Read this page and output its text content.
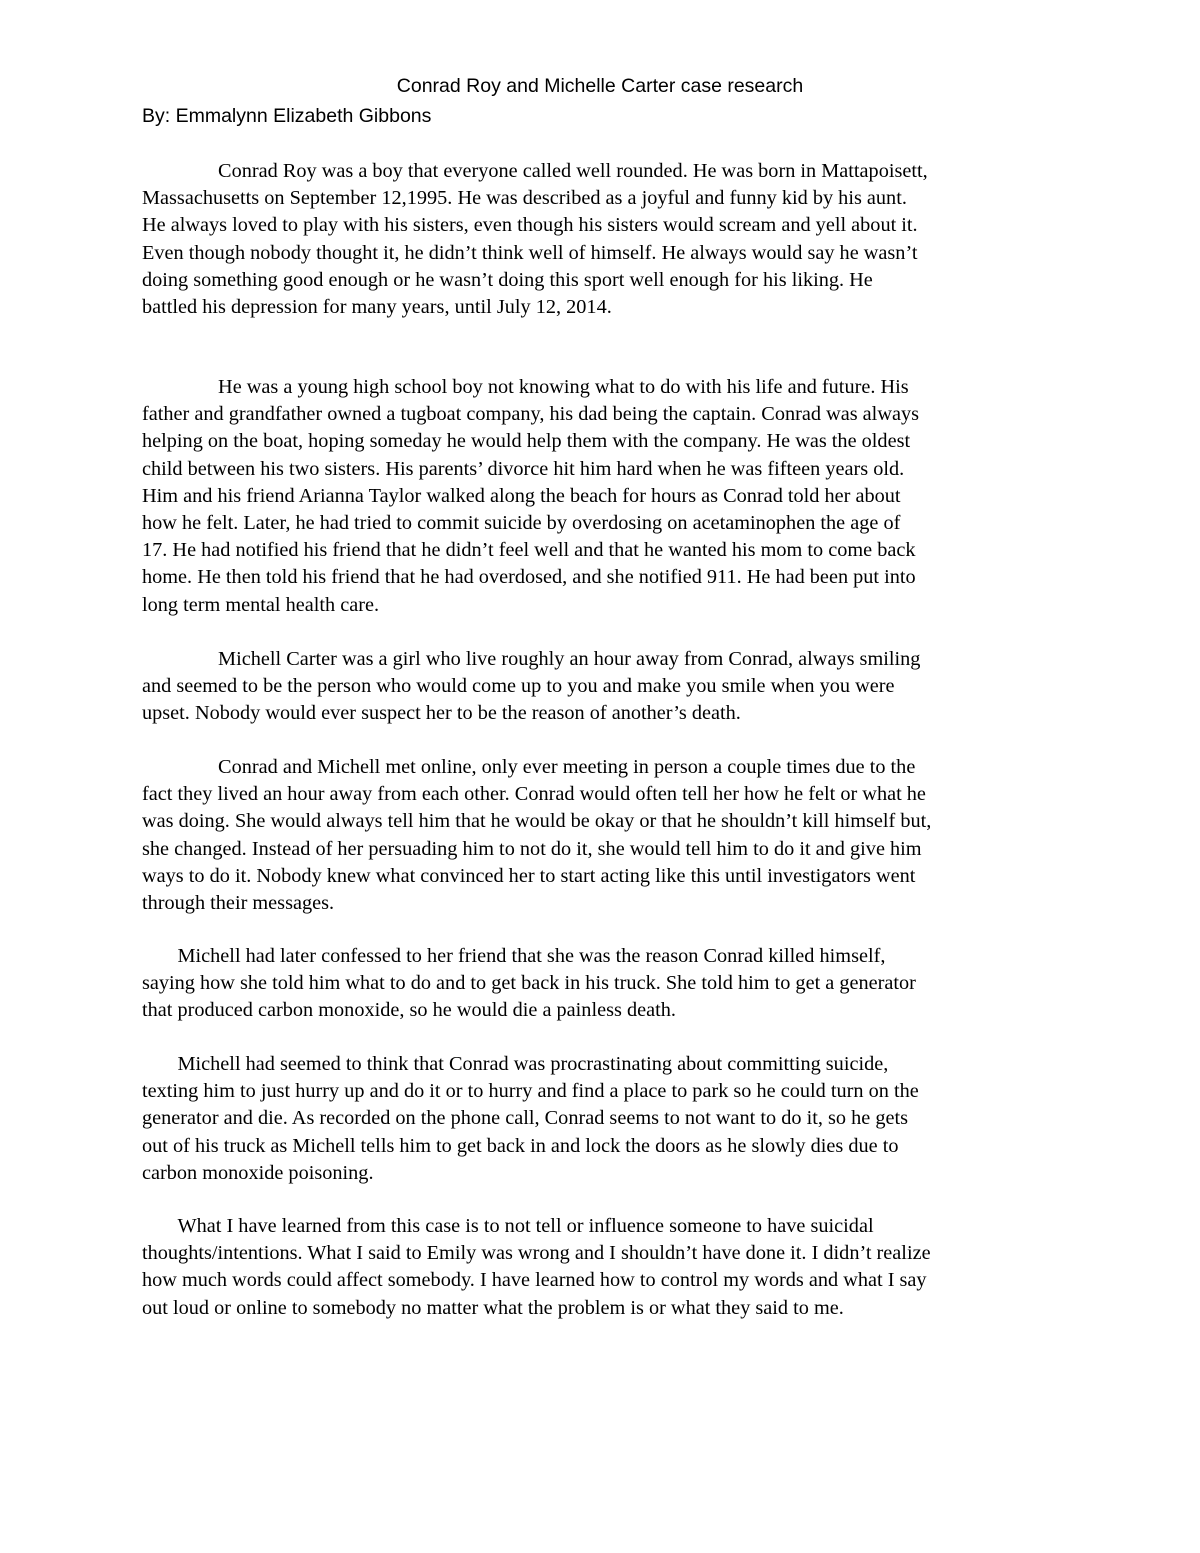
Conrad Roy and Michelle Carter case research
By: Emmalynn Elizabeth Gibbons
Conrad Roy was a boy that everyone called well rounded. He was born in Mattapoisett,
Massachusetts on September 12,1995. He was described as a joyful and funny kid by his aunt.
He always loved to play with his sisters, even though his sisters would scream and yell about it.
Even though nobody thought it, he didn’t think well of himself. He always would say he wasn’t
doing something good enough or he wasn’t doing this sport well enough for his liking. He
battled his depression for many years, until July 12, 2014.
He was a young high school boy not knowing what to do with his life and future. His
father and grandfather owned a tugboat company, his dad being the captain. Conrad was always
helping on the boat, hoping someday he would help them with the company. He was the oldest
child between his two sisters. His parents’ divorce hit him hard when he was fifteen years old.
Him and his friend Arianna Taylor walked along the beach for hours as Conrad told her about
how he felt. Later, he had tried to commit suicide by overdosing on acetaminophen the age of
17. He had notified his friend that he didn’t feel well and that he wanted his mom to come back
home. He then told his friend that he had overdosed, and she notified 911. He had been put into
long term mental health care.
Michell Carter was a girl who live roughly an hour away from Conrad, always smiling
and seemed to be the person who would come up to you and make you smile when you were
upset. Nobody would ever suspect her to be the reason of another’s death.
Conrad and Michell met online, only ever meeting in person a couple times due to the
fact they lived an hour away from each other. Conrad would often tell her how he felt or what he
was doing. She would always tell him that he would be okay or that he shouldn’t kill himself but,
she changed. Instead of her persuading him to not do it, she would tell him to do it and give him
ways to do it. Nobody knew what convinced her to start acting like this until investigators went
through their messages.
Michell had later confessed to her friend that she was the reason Conrad killed himself,
saying how she told him what to do and to get back in his truck. She told him to get a generator
that produced carbon monoxide, so he would die a painless death.
Michell had seemed to think that Conrad was procrastinating about committing suicide,
texting him to just hurry up and do it or to hurry and find a place to park so he could turn on the
generator and die. As recorded on the phone call, Conrad seems to not want to do it, so he gets
out of his truck as Michell tells him to get back in and lock the doors as he slowly dies due to
carbon monoxide poisoning.
What I have learned from this case is to not tell or influence someone to have suicidal
thoughts/intentions. What I said to Emily was wrong and I shouldn’t have done it. I didn’t realize
how much words could affect somebody. I have learned how to control my words and what I say
out loud or online to somebody no matter what the problem is or what they said to me.
